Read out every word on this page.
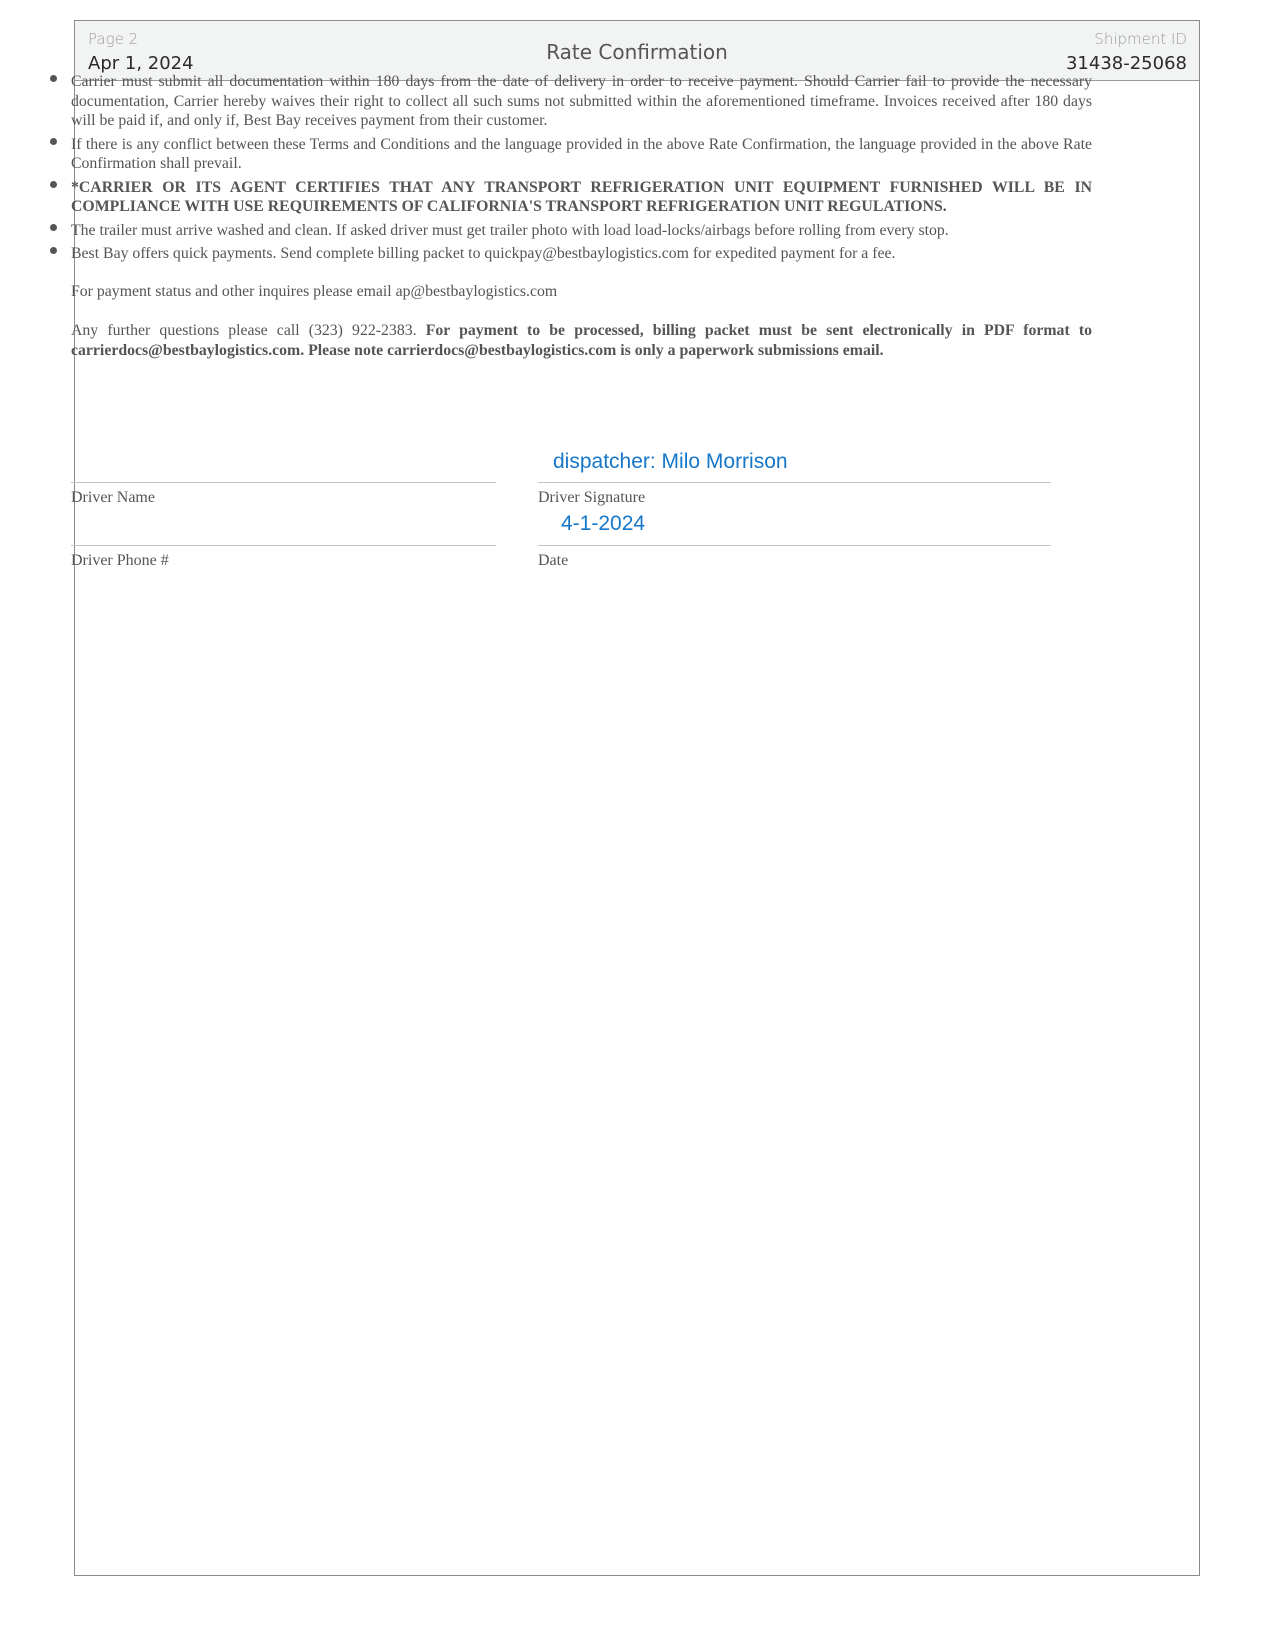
Page 2
Apr 1, 2024	Rate Confirmation
Shipment ID
31438-25068
Carrier must submit all documentation within 180 days from the date of delivery in order to receive payment. Should Carrier fail to provide the necessary documentation, Carrier hereby waives their right to collect all such sums not submitted within the aforementioned timeframe. Invoices received after 180 days will be paid if, and only if, Best Bay receives payment from their customer.
If there is any conflict between these Terms and Conditions and the language provided in the above Rate Confirmation, the language provided in the above Rate Confirmation shall prevail.
*CARRIER OR ITS AGENT CERTIFIES THAT ANY TRANSPORT REFRIGERATION UNIT EQUIPMENT FURNISHED WILL BE IN COMPLIANCE WITH USE REQUIREMENTS OF CALIFORNIA'S TRANSPORT REFRIGERATION UNIT REGULATIONS.
The trailer must arrive washed and clean. If asked driver must get trailer photo with load load-locks/airbags before rolling from every stop.
Best Bay offers quick payments. Send complete billing packet to quickpay@bestbaylogistics.com for expedited payment for a fee.
For payment status and other inquires please email ap@bestbaylogistics.com
Any further questions please call (323) 922-2383. For payment to be processed, billing packet must be sent electronically in PDF format to carrierdocs@bestbaylogistics.com. Please note carrierdocs@bestbaylogistics.com is only a paperwork submissions email.
Driver Name
dispatcher: Milo Morrison
Driver Signature
Driver Phone #
4-1-2024
Date
